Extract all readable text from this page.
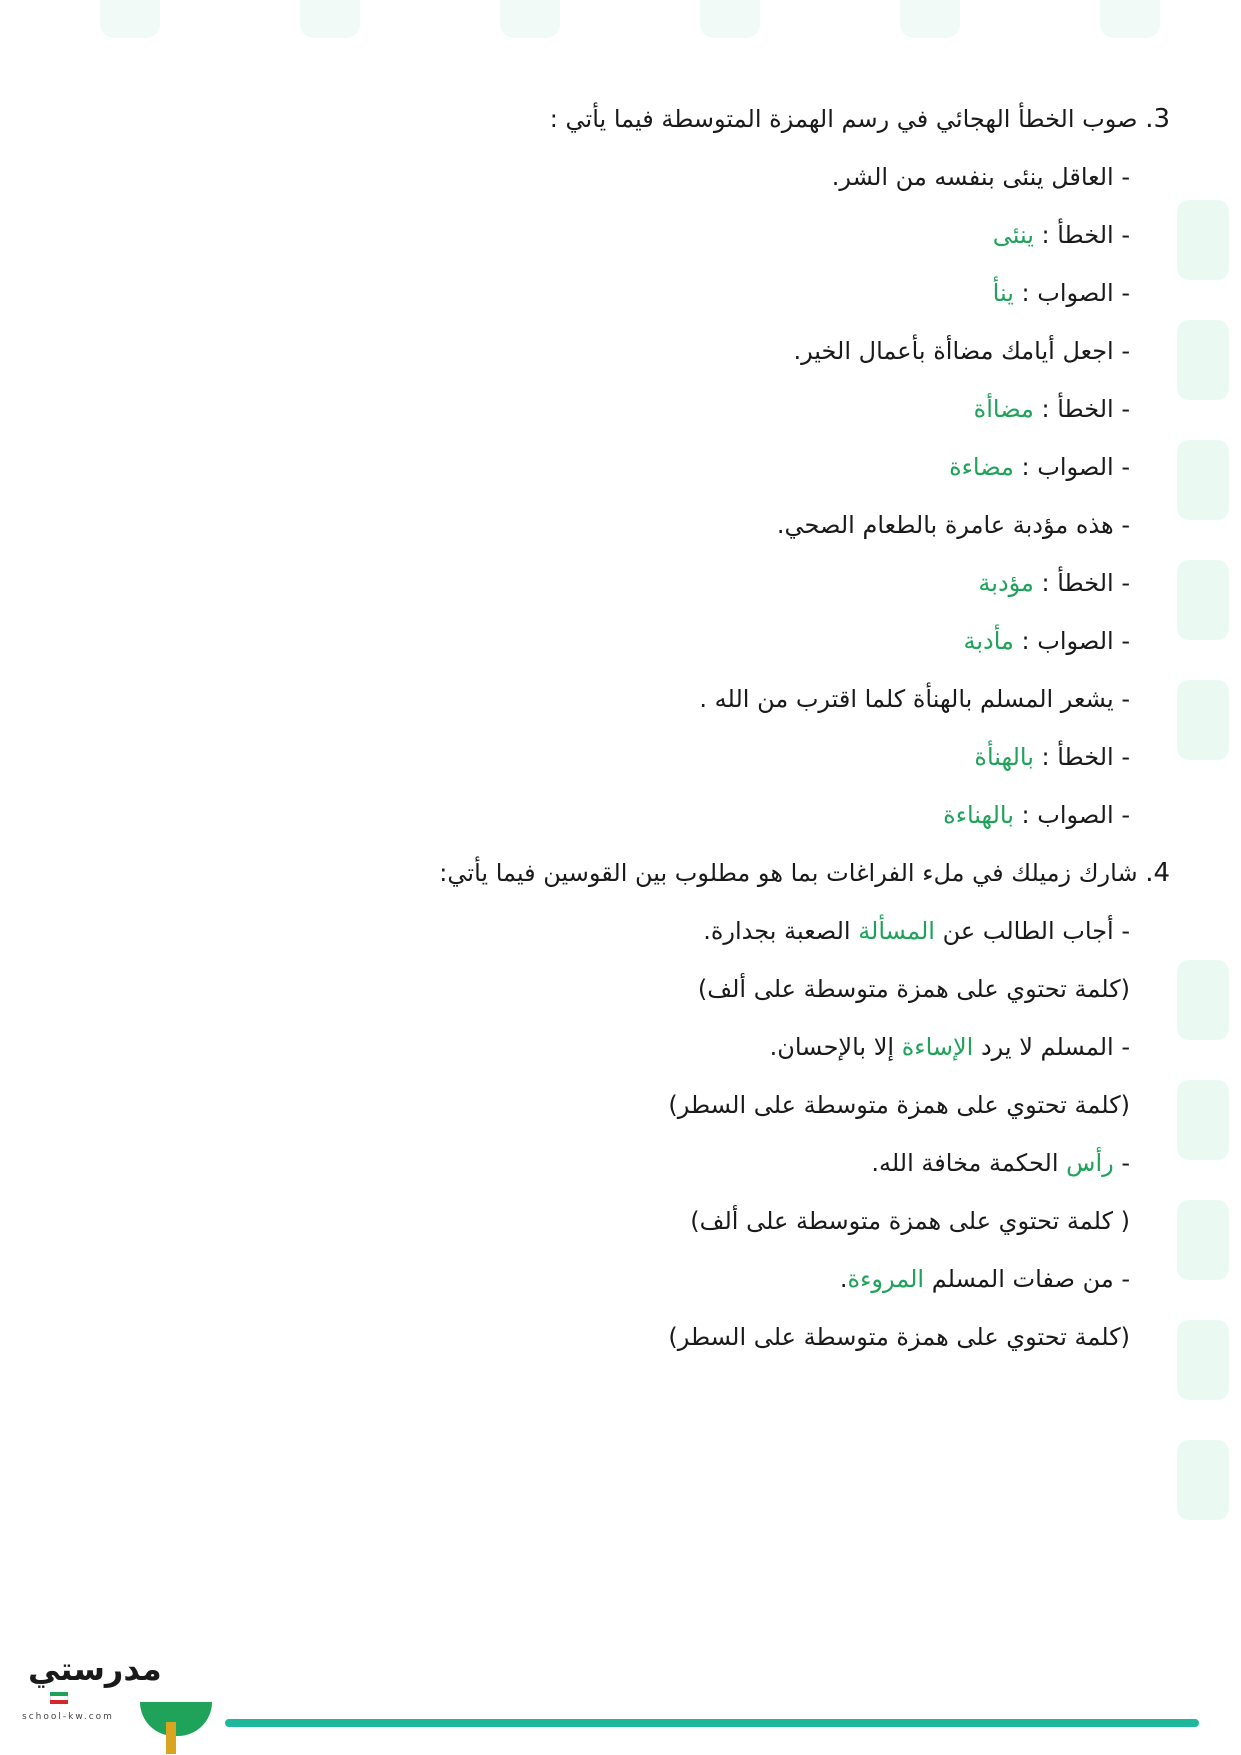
3. صوب الخطأ الهجائي في رسم الهمزة المتوسطة فيما يأتي :
- العاقل ينئى بنفسه من الشر.
- الخطأ : ينئى
- الصواب : ينأ
- اجعل أيامك مضاأة بأعمال الخير.
- الخطأ : مضاأة
- الصواب : مضاءة
- هذه مؤدبة عامرة بالطعام الصحي.
- الخطأ : مؤدبة
- الصواب : مأدبة
- يشعر المسلم بالهنأة كلما اقترب من الله .
- الخطأ : بالهنأة
- الصواب : بالهناءة
4. شارك زميلك في ملء الفراغات بما هو مطلوب بين القوسين فيما يأتي:
- أجاب الطالب عن المسألة الصعبة بجدارة.
(كلمة تحتوي على همزة متوسطة على ألف)
- المسلم لا يرد الإساءة إلا بالإحسان.
(كلمة تحتوي على همزة متوسطة على السطر)
- رأس الحكمة مخافة الله.
( كلمة تحتوي على همزة متوسطة على ألف)
- من صفات المسلم المروءة.
(كلمة تحتوي على همزة متوسطة على السطر)
مدرستي
school-kw.com
